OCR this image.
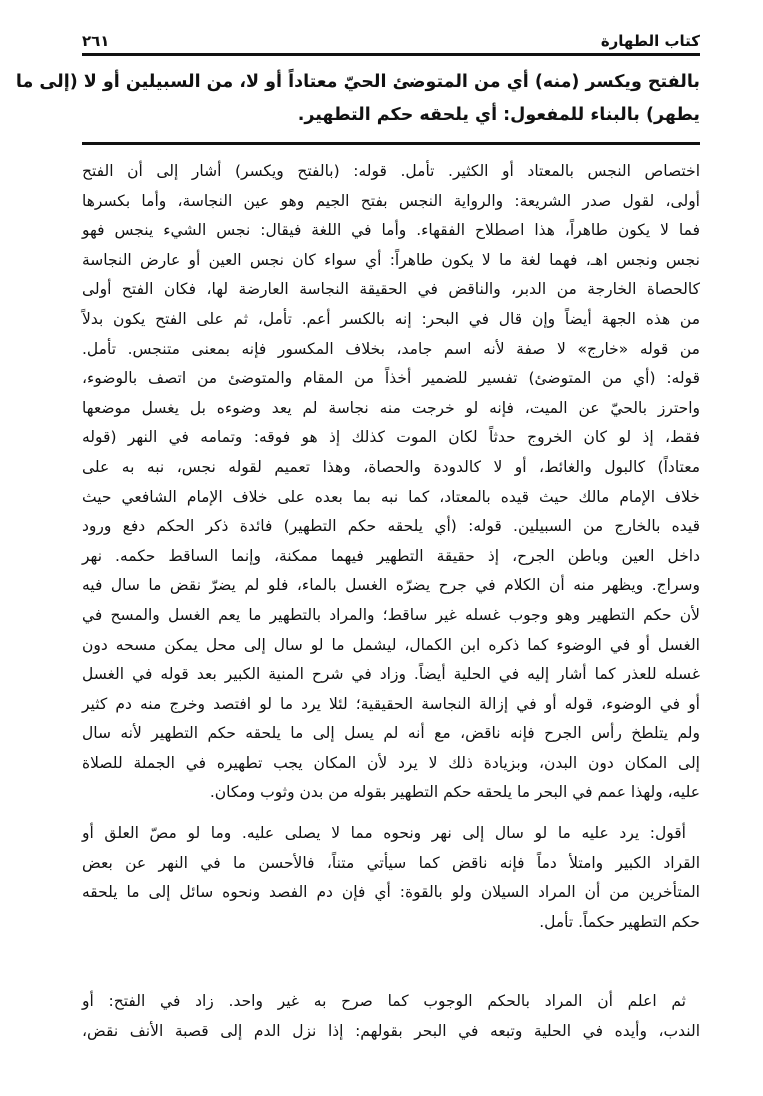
كتاب الطهارة
٢٦١
بالفتح ويكسر (منه) أي من المتوضئ الحيّ معتاداً أو لا، من السبيلين أو لا (إلى ما
يطهر) بالبناء للمفعول: أي يلحقه حكم التطهير.
اختصاص النجس بالمعتاد أو الكثير. تأمل. قوله: (بالفتح ويكسر) أشار إلى أن الفتح
أولى، لقول صدر الشريعة: والرواية النجس بفتح الجيم وهو عين النجاسة، وأما بكسرها
فما لا يكون طاهراً، هذا اصطلاح الفقهاء. وأما في اللغة فيقال: نجس الشيء ينجس فهو
نجس ونجس اهـ، فهما لغة ما لا يكون طاهراً: أي سواء كان نجس العين أو عارض النجاسة
كالحصاة الخارجة من الدبر، والناقض في الحقيقة النجاسة العارضة لها، فكان الفتح أولى
من هذه الجهة أيضاً وإن قال في البحر: إنه بالكسر أعم. تأمل، ثم على الفتح يكون بدلاً
من قوله «خارج» لا صفة لأنه اسم جامد، بخلاف المكسور فإنه بمعنى متنجس. تأمل.
قوله: (أي من المتوضئ) تفسير للضمير أخذاً من المقام والمتوضئ من اتصف بالوضوء،
واحترز بالحيّ عن الميت، فإنه لو خرجت منه نجاسة لم يعد وضوءه بل يغسل موضعها
فقط، إذ لو كان الخروج حدثاً لكان الموت كذلك إذ هو فوقه: وتمامه في النهر (قوله
معتاداً) كالبول والغائط، أو لا كالدودة والحصاة، وهذا تعميم لقوله نجس، نبه به على
خلاف الإمام مالك حيث قيده بالمعتاد، كما نبه بما بعده على خلاف الإمام الشافعي حيث
قيده بالخارج من السبيلين. قوله: (أي يلحقه حكم التطهير) فائدة ذكر الحكم دفع ورود
داخل العين وباطن الجرح، إذ حقيقة التطهير فيهما ممكنة، وإنما الساقط حكمه. نهر
وسراج. ويظهر منه أن الكلام في جرح يضرّه الغسل بالماء، فلو لم يضرّ نقض ما سال فيه
لأن حكم التطهير وهو وجوب غسله غير ساقط؛ والمراد بالتطهير ما يعم الغسل والمسح في
الغسل أو في الوضوء كما ذكره ابن الكمال، ليشمل ما لو سال إلى محل يمكن مسحه دون
غسله للعذر كما أشار إليه في الحلية أيضاً. وزاد في شرح المنية الكبير بعد قوله في الغسل
أو في الوضوء، قوله أو في إزالة النجاسة الحقيقية؛ لئلا يرد ما لو افتصد وخرج منه دم كثير
ولم يتلطخ رأس الجرح فإنه ناقض، مع أنه لم يسل إلى ما يلحقه حكم التطهير لأنه سال
إلى المكان دون البدن، وبزيادة ذلك لا يرد لأن المكان يجب تطهيره في الجملة للصلاة
عليه، ولهذا عمم في البحر ما يلحقه حكم التطهير بقوله من بدن وثوب ومكان.
أقول: يرد عليه ما لو سال إلى نهر ونحوه مما لا يصلى عليه. وما لو مصّ العلق أو
القراد الكبير وامتلأ دماً فإنه ناقض كما سيأتي متناً، فالأحسن ما في النهر عن بعض
المتأخرين من أن المراد السيلان ولو بالقوة: أي فإن دم الفصد ونحوه سائل إلى ما يلحقه
حكم التطهير حكماً. تأمل.
ثم اعلم أن المراد بالحكم الوجوب كما صرح به غير واحد. زاد في الفتح: أو
الندب، وأيده في الحلية وتبعه في البحر بقولهم: إذا نزل الدم إلى قصبة الأنف نقض،
